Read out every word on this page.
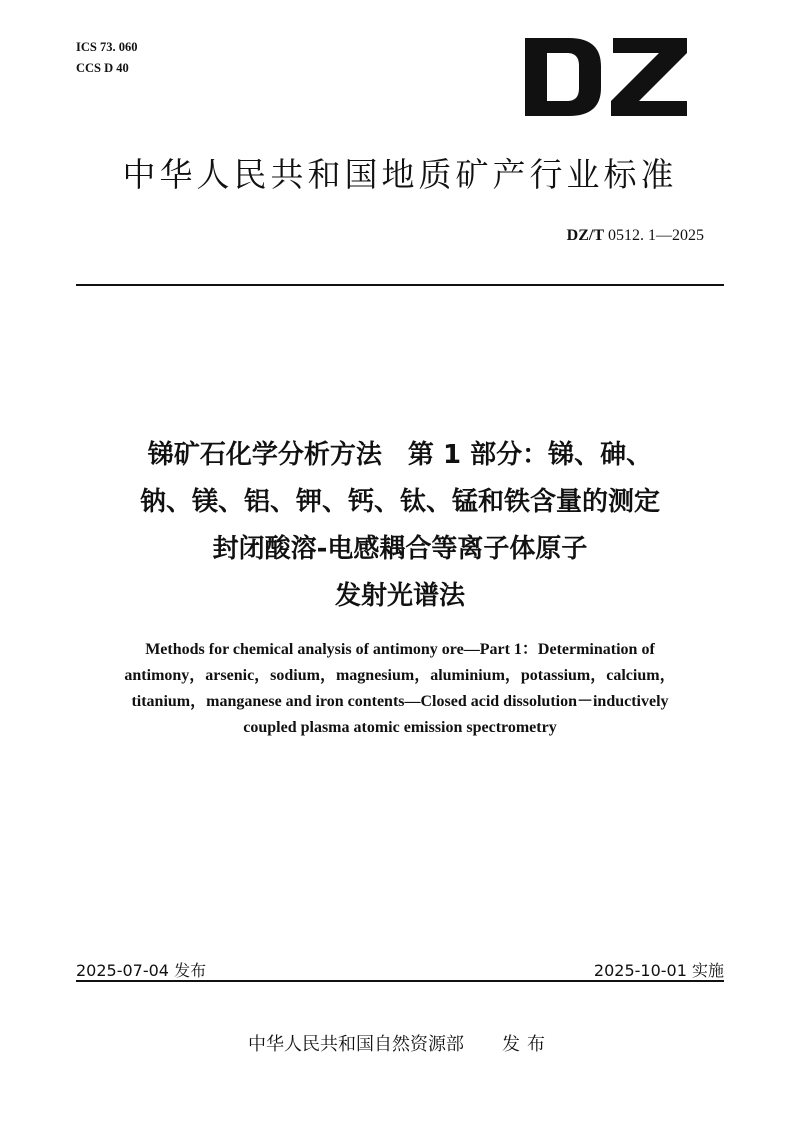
ICS 73. 060
CCS D 40
中华人民共和国地质矿产行业标准
DZ/T 0512. 1—2025
锑矿石化学分析方法　第 1 部分：锑、砷、
钠、镁、铝、钾、钙、钛、锰和铁含量的测定
封闭酸溶-电感耦合等离子体原子
发射光谱法
Methods for chemical analysis of antimony ore—Part 1：Determination of
antimony，arsenic，sodium，magnesium，aluminium，potassium，calcium，
titanium，manganese and iron contents—Closed acid dissolution－inductively
coupled plasma atomic emission spectrometry
2025-07-04 发布	2025-10-01 实施
中华人民共和国自然资源部 发布
